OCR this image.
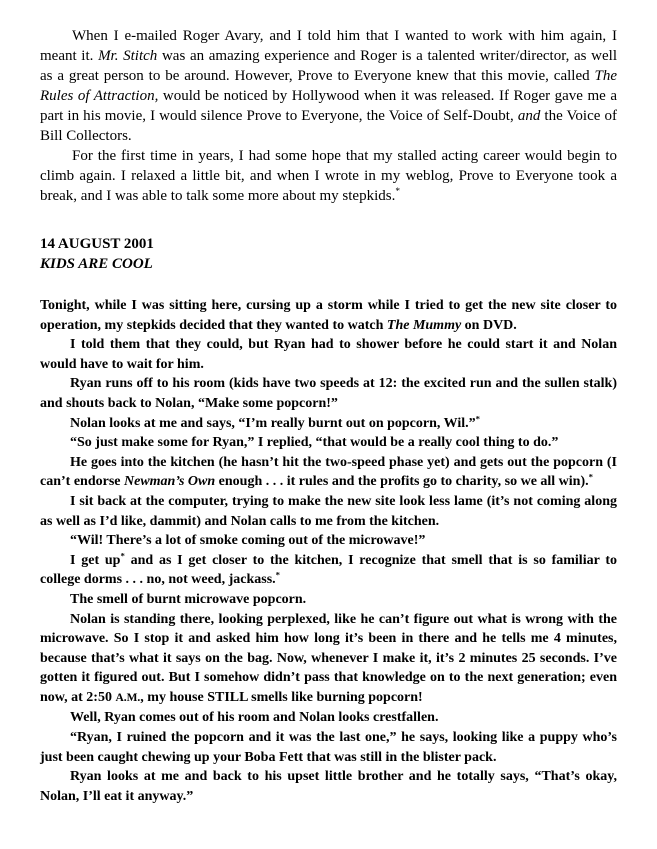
When I e-mailed Roger Avary, and I told him that I wanted to work with him again, I meant it. Mr. Stitch was an amazing experience and Roger is a talented writer/director, as well as a great person to be around. However, Prove to Everyone knew that this movie, called The Rules of Attraction, would be noticed by Hollywood when it was released. If Roger gave me a part in his movie, I would silence Prove to Everyone, the Voice of Self-Doubt, and the Voice of Bill Collectors.

For the first time in years, I had some hope that my stalled acting career would begin to climb again. I relaxed a little bit, and when I wrote in my weblog, Prove to Everyone took a break, and I was able to talk some more about my stepkids.*

14 AUGUST 2001
KIDS ARE COOL

Tonight, while I was sitting here, cursing up a storm while I tried to get the new site closer to operation, my stepkids decided that they wanted to watch The Mummy on DVD.

I told them that they could, but Ryan had to shower before he could start it and Nolan would have to wait for him.

Ryan runs off to his room (kids have two speeds at 12: the excited run and the sullen stalk) and shouts back to Nolan, “Make some popcorn!”

Nolan looks at me and says, “I’m really burnt out on popcorn, Wil.”*

“So just make some for Ryan,” I replied, “that would be a really cool thing to do.”

He goes into the kitchen (he hasn’t hit the two-speed phase yet) and gets out the popcorn (I can’t endorse Newman’s Own enough . . . it rules and the profits go to charity, so we all win).*

I sit back at the computer, trying to make the new site look less lame (it’s not coming along as well as I’d like, dammit) and Nolan calls to me from the kitchen.

“Wil! There’s a lot of smoke coming out of the microwave!”

I get up* and as I get closer to the kitchen, I recognize that smell that is so familiar to college dorms . . . no, not weed, jackass.*

The smell of burnt microwave popcorn.

Nolan is standing there, looking perplexed, like he can’t figure out what is wrong with the microwave. So I stop it and asked him how long it’s been in there and he tells me 4 minutes, because that’s what it says on the bag. Now, whenever I make it, it’s 2 minutes 25 seconds. I’ve gotten it figured out. But I somehow didn’t pass that knowledge on to the next generation; even now, at 2:50 A.M., my house STILL smells like burning popcorn!

Well, Ryan comes out of his room and Nolan looks crestfallen.

“Ryan, I ruined the popcorn and it was the last one,” he says, looking like a puppy who’s just been caught chewing up your Boba Fett that was still in the blister pack.

Ryan looks at me and back to his upset little brother and he totally says, “That’s okay, Nolan, I’ll eat it anyway.”
